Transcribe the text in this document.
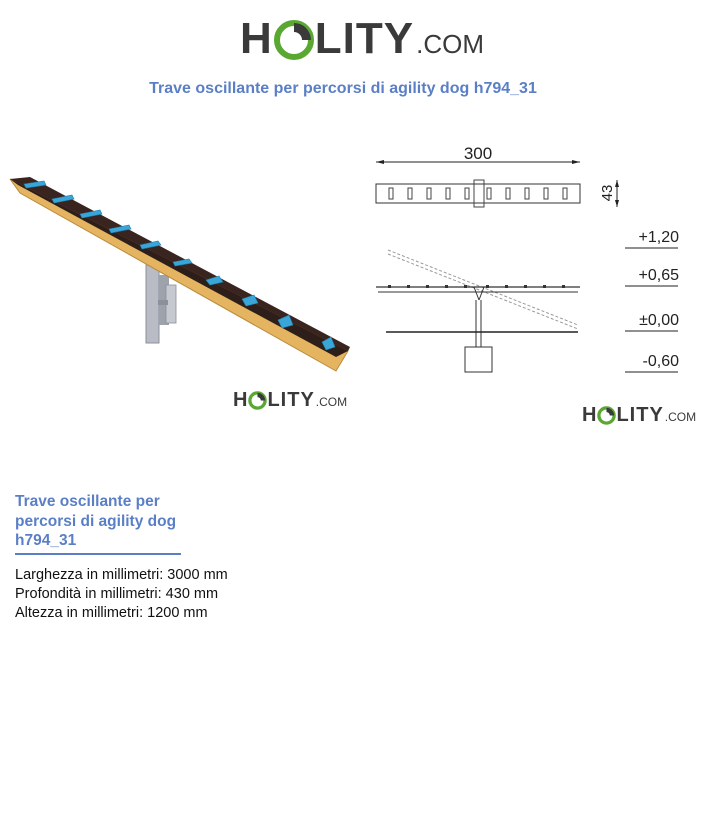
H LITY .COM
Trave oscillante per percorsi di agility dog h794_31
H LITY .COM
300
43
+1,20
+0,65
±0,00
-0,60
H LITY .COM
Trave oscillante per percorsi di agility dog h794_31
Larghezza in millimetri: 3000 mm
Profondità in millimetri: 430 mm
Altezza in millimetri: 1200 mm
